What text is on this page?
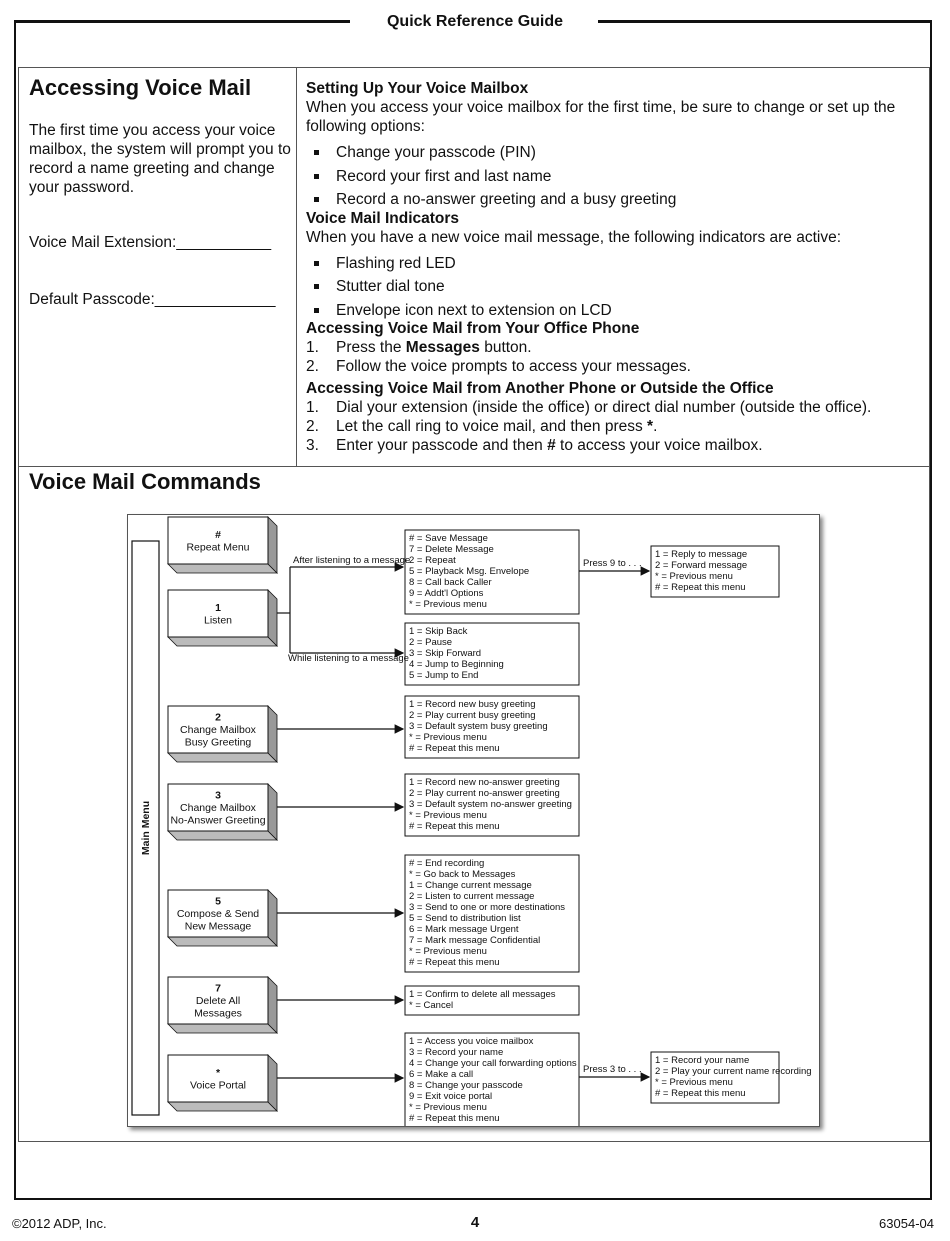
Quick Reference Guide
Accessing Voice Mail
The first time you access your voice mailbox, the system will prompt you to record a name greeting and change your password.
Voice Mail Extension:___________
Default Passcode:______________
Setting Up Your Voice Mailbox
When you access your voice mailbox for the first time, be sure to change or set up the following options:
Change your passcode (PIN)
Record your first and last name
Record a no-answer greeting and a busy greeting
Voice Mail Indicators
When you have a new voice mail message, the following indicators are active:
Flashing red LED
Stutter dial tone
Envelope icon next to extension on LCD
Accessing Voice Mail from Your Office Phone
1. Press the Messages button.
2. Follow the voice prompts to access your messages.
Accessing Voice Mail from Another Phone or Outside the Office
1. Dial your extension (inside the office) or direct dial number (outside the office).
2. Let the call ring to voice mail, and then press *.
3. Enter your passcode and then # to access your voice mailbox.
Voice Mail Commands
Main Menu
#
Repeat Menu
1
Listen
2
Change Mailbox
Busy Greeting
3
Change Mailbox
No-Answer Greeting
5
Compose & Send
New Message
7
Delete All
Messages
*
Voice Portal
# = Save Message
7 = Delete Message
2 = Repeat
5 = Playback Msg. Envelope
8 = Call back Caller
9 = Addt'l Options
* = Previous menu
1 = Skip Back
2 = Pause
3 = Skip Forward
4 = Jump to Beginning
5 = Jump to End
1 = Reply to message
2 = Forward message
* = Previous menu
# = Repeat this menu
1 = Record new busy greeting
2 = Play current busy greeting
3 = Default system busy greeting
* = Previous menu
# = Repeat this menu
1 = Record new no-answer greeting
2 = Play current no-answer greeting
3 = Default system no-answer greeting
* = Previous menu
# = Repeat this menu
# = End recording
* = Go back to Messages
1 = Change current message
2 = Listen to current message
3 = Send to one or more destinations
5 = Send to distribution list
6 = Mark message Urgent
7 = Mark message Confidential
* = Previous menu
# = Repeat this menu
1 = Confirm to delete all messages
* = Cancel
1 = Access you voice mailbox
3 = Record your name
4 = Change your call forwarding options
6 = Make a call
8 = Change your passcode
9 = Exit voice portal
* = Previous menu
# = Repeat this menu
1 = Record your name
2 = Play your current name recording
* = Previous menu
# = Repeat this menu
After listening to a message
While listening to a message
Press 9 to . . .
Press 3 to . . .
©2012 ADP, Inc.	4	63054-04
